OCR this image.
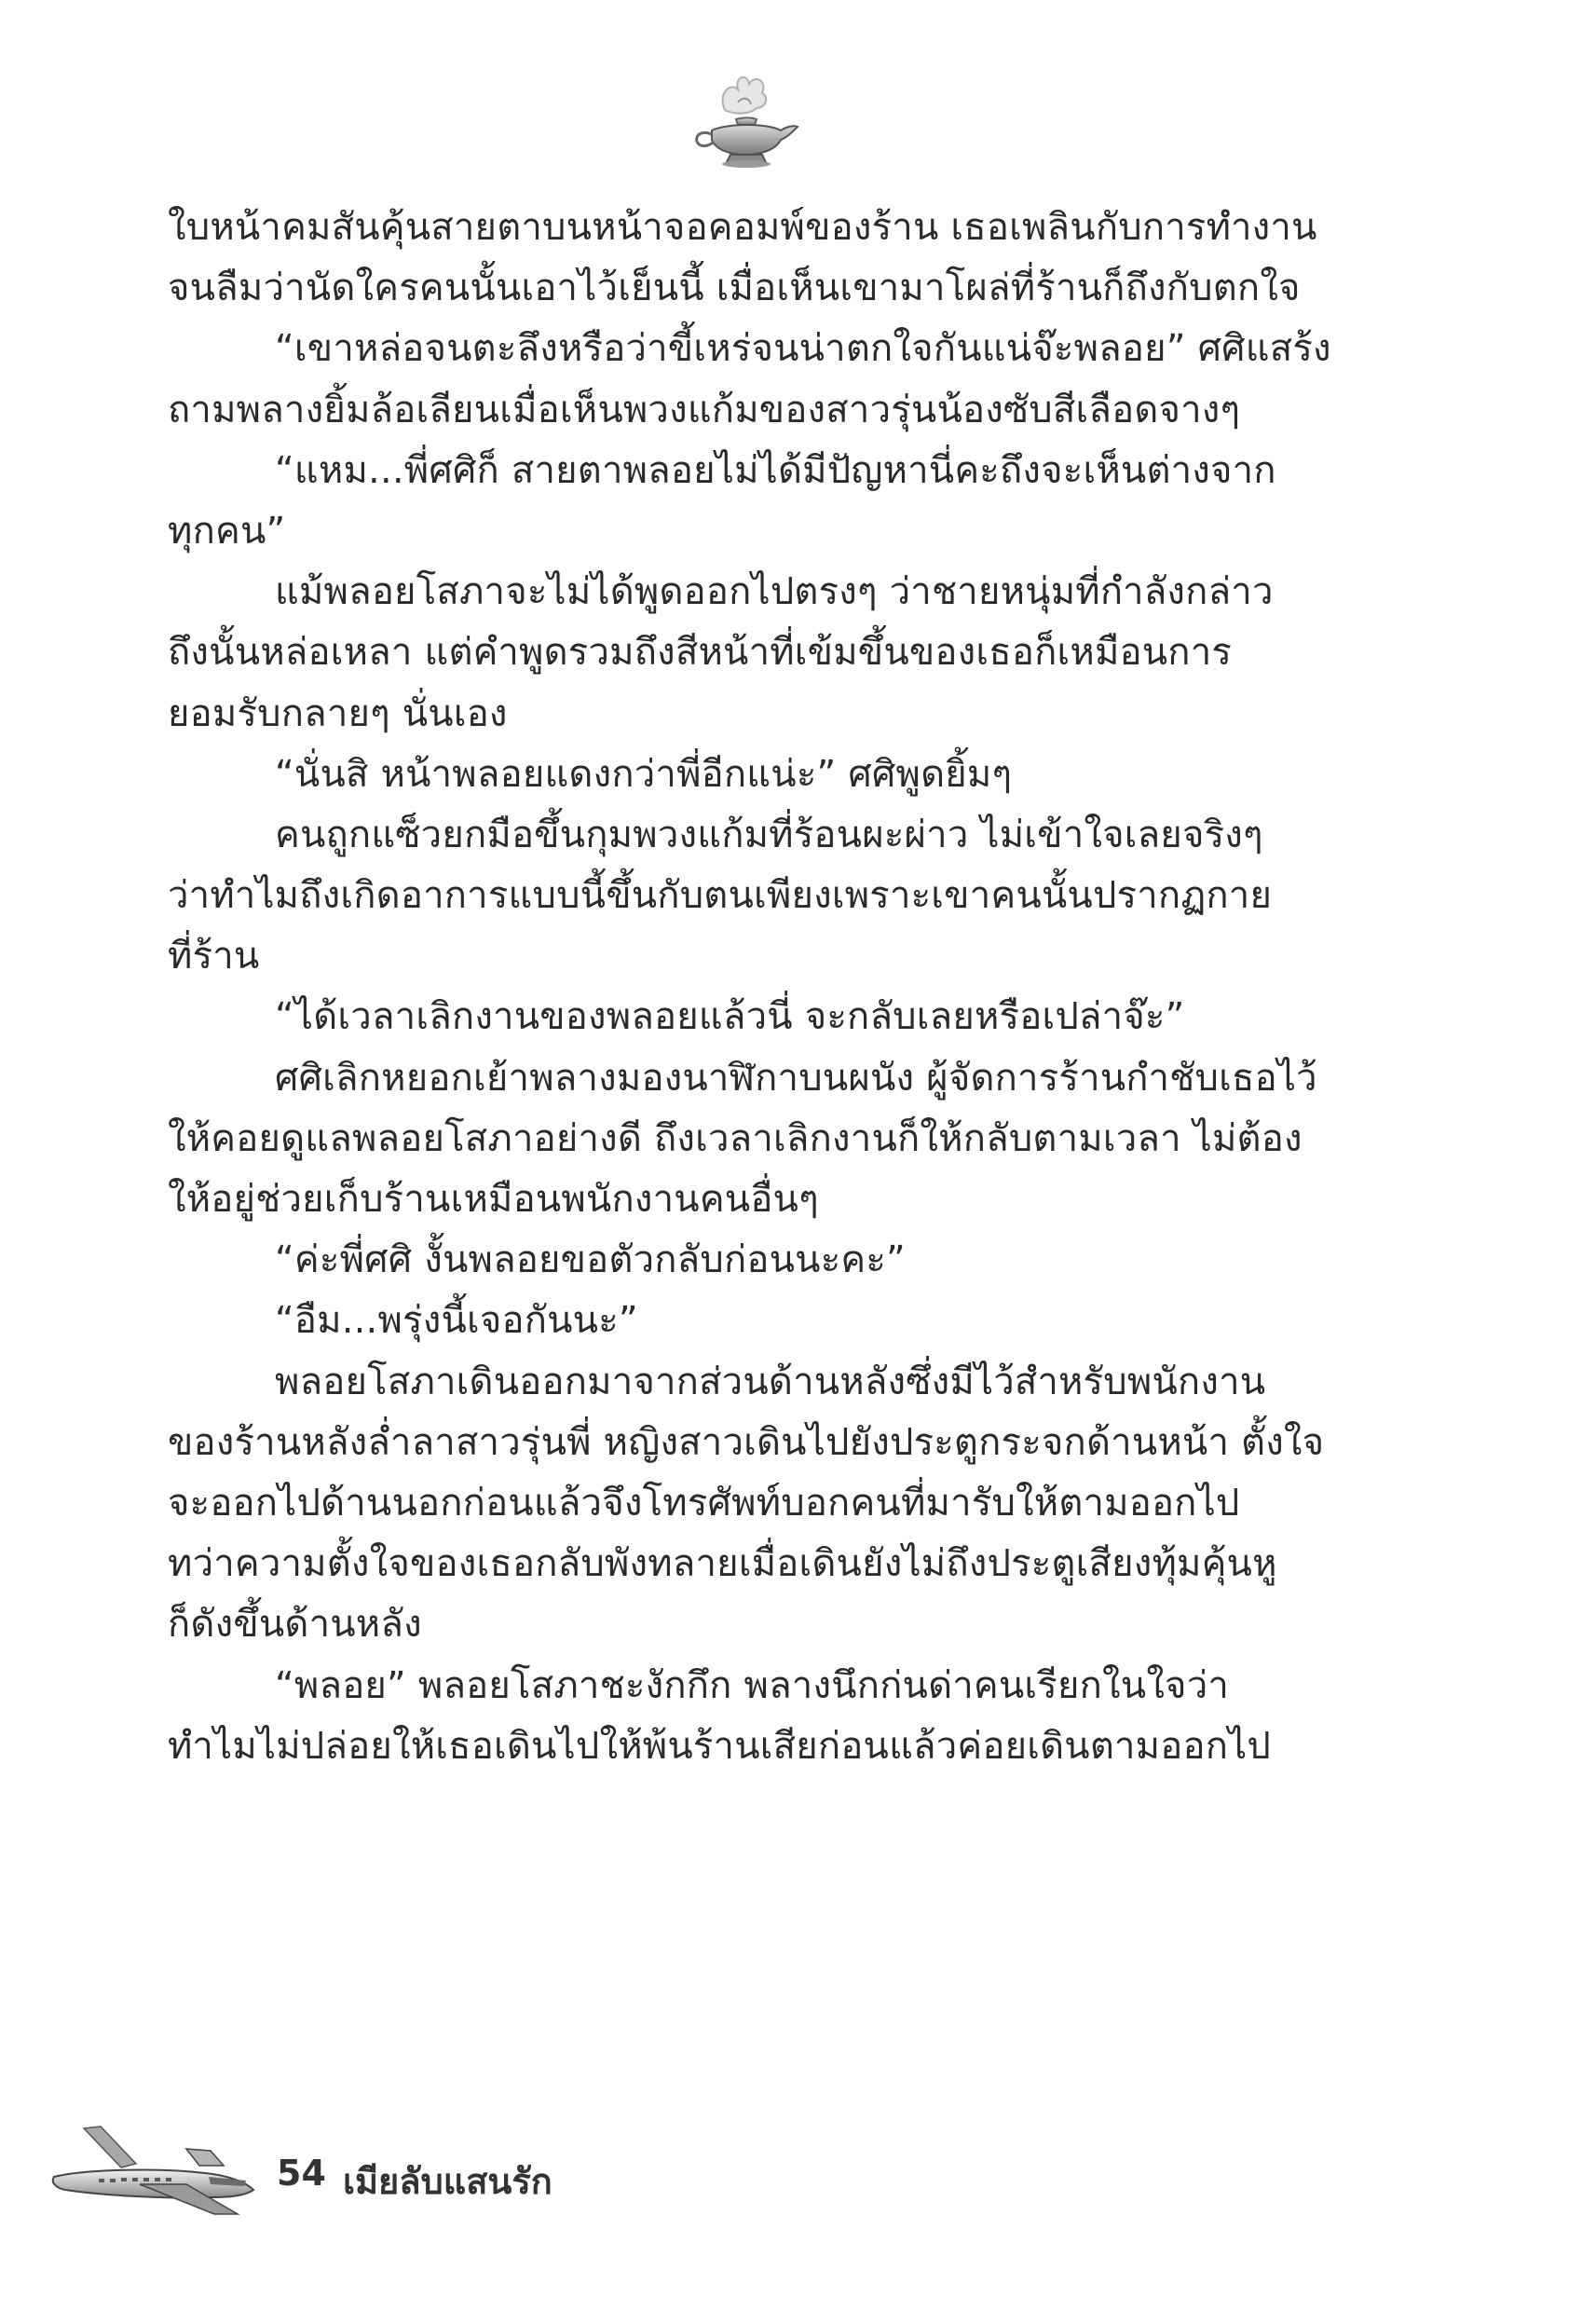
ใบหน้าคมสันคุ้นสายตาบนหน้าจอคอมพ์ของร้าน เธอเพลินกับการทำงาน
จนลืมว่านัดใครคนนั้นเอาไว้เย็นนี้ เมื่อเห็นเขามาโผล่ที่ร้านก็ถึงกับตกใจ
“เขาหล่อจนตะลึงหรือว่าขี้เหร่จนน่าตกใจกันแน่จ๊ะพลอย” ศศิแสร้ง
ถามพลางยิ้มล้อเลียนเมื่อเห็นพวงแก้มของสาวรุ่นน้องซับสีเลือดจางๆ
“แหม...พี่ศศิก็ สายตาพลอยไม่ได้มีปัญหานี่คะถึงจะเห็นต่างจาก
ทุกคน”
แม้พลอยโสภาจะไม่ได้พูดออกไปตรงๆ ว่าชายหนุ่มที่กำลังกล่าว
ถึงนั้นหล่อเหลา แต่คำพูดรวมถึงสีหน้าที่เข้มขึ้นของเธอก็เหมือนการ
ยอมรับกลายๆ นั่นเอง
“นั่นสิ หน้าพลอยแดงกว่าพี่อีกแน่ะ” ศศิพูดยิ้มๆ
คนถูกแซ็วยกมือขึ้นกุมพวงแก้มที่ร้อนผะผ่าว ไม่เข้าใจเลยจริงๆ
ว่าทำไมถึงเกิดอาการแบบนี้ขึ้นกับตนเพียงเพราะเขาคนนั้นปรากฏกาย
ที่ร้าน
“ได้เวลาเลิกงานของพลอยแล้วนี่ จะกลับเลยหรือเปล่าจ๊ะ”
ศศิเลิกหยอกเย้าพลางมองนาฬิกาบนผนัง ผู้จัดการร้านกำชับเธอไว้
ให้คอยดูแลพลอยโสภาอย่างดี ถึงเวลาเลิกงานก็ให้กลับตามเวลา ไม่ต้อง
ให้อยู่ช่วยเก็บร้านเหมือนพนักงานคนอื่นๆ
“ค่ะพี่ศศิ งั้นพลอยขอตัวกลับก่อนนะคะ”
“อืม...พรุ่งนี้เจอกันนะ”
พลอยโสภาเดินออกมาจากส่วนด้านหลังซึ่งมีไว้สำหรับพนักงาน
ของร้านหลังล่ำลาสาวรุ่นพี่ หญิงสาวเดินไปยังประตูกระจกด้านหน้า ตั้งใจ
จะออกไปด้านนอกก่อนแล้วจึงโทรศัพท์บอกคนที่มารับให้ตามออกไป
ทว่าความตั้งใจของเธอกลับพังทลายเมื่อเดินยังไม่ถึงประตูเสียงทุ้มคุ้นหู
ก็ดังขึ้นด้านหลัง
“พลอย” พลอยโสภาชะงักกึก พลางนึกก่นด่าคนเรียกในใจว่า
ทำไมไม่ปล่อยให้เธอเดินไปให้พ้นร้านเสียก่อนแล้วค่อยเดินตามออกไป
54 เมียลับแสนรัก
